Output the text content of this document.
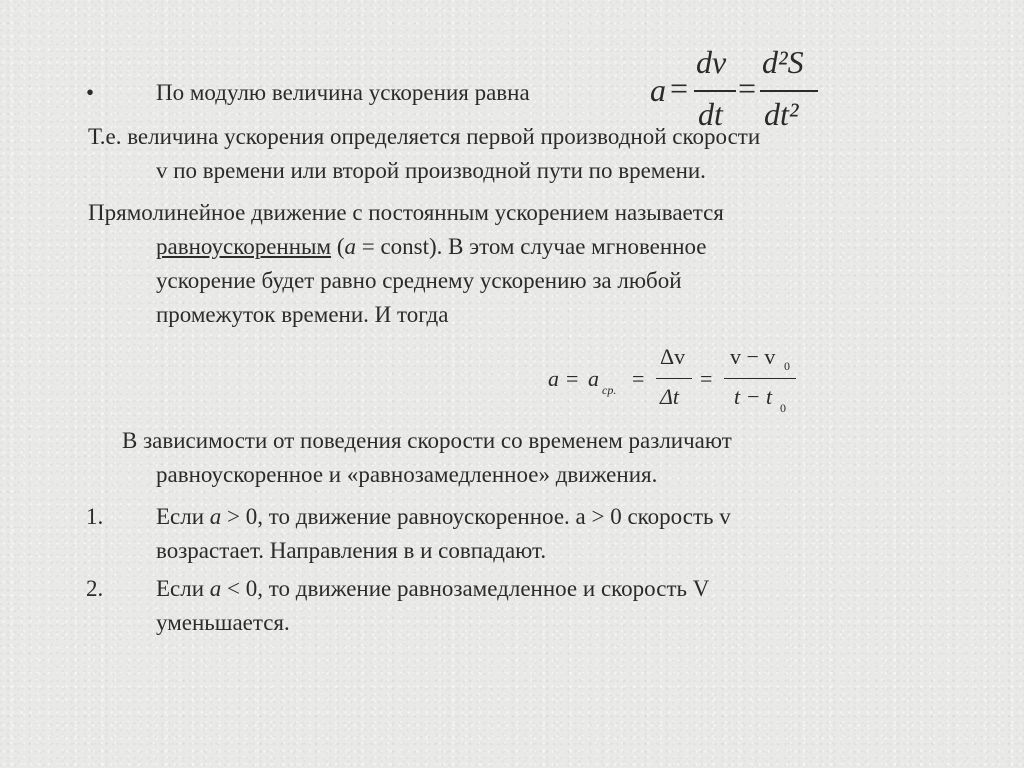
•	По модулю величина ускорения равна	a =
dv
dt
=
d²S
dt²
Т.е. величина ускорения определяется первой производной скорости
v по времени или второй производной пути по времени.
Прямолинейное движение с постоянным ускорением называется
равноускоренным (a = const). В этом случае мгновенное
ускорение будет равно среднему ускорению за любой
промежуток времени. И тогда
a = a ср. =
Δv
Δt
=
v − v 0
t − t 0
В зависимости от поведения скорости со временем различают
равноускоренное и «равнозамедленное» движения.
1. Если a > 0, то движение равноускоренное. a > 0 скорость v
возрастает. Направления в и совпадают.
2. Если a < 0, то движение равнозамедленное и скорость V
уменьшается.
